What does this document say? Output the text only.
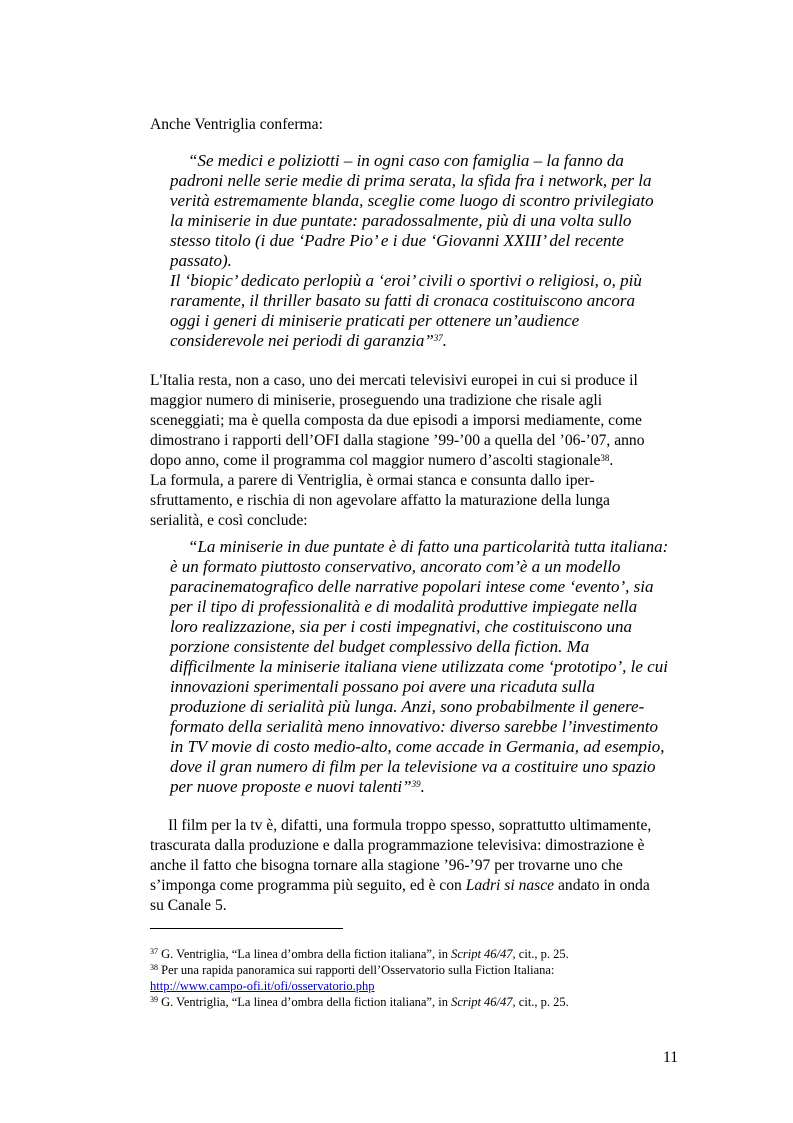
Anche Ventriglia conferma:
“Se medici e poliziotti – in ogni caso con famiglia – la fanno da
padroni nelle serie medie di prima serata, la sfida fra i network, per la
verità estremamente blanda, sceglie come luogo di scontro privilegiato
la miniserie in due puntate: paradossalmente, più di una volta sullo
stesso titolo (i due ‘Padre Pio’ e i due ‘Giovanni XXIII’ del recente
passato).
Il ‘biopic’ dedicato perlopiù a ‘eroi’ civili o sportivi o religiosi, o, più
raramente, il thriller basato su fatti di cronaca costituiscono ancora
oggi i generi di miniserie praticati per ottenere un’audience
considerevole nei periodi di garanzia”$^{37}$.
L'Italia resta, non a caso, uno dei mercati televisivi europei in cui si produce il
maggior numero di miniserie, proseguendo una tradizione che risale agli
sceneggiati; ma è quella composta da due episodi a imporsi mediamente, come
dimostrano i rapporti dell’OFI dalla stagione ’99-’00 a quella del ’06-’07, anno
dopo anno, come il programma col maggior numero d’ascolti stagionale$^{38}$.
La formula, a parere di Ventriglia, è ormai stanca e consunta dallo iper-
sfruttamento, e rischia di non agevolare affatto la maturazione della lunga
serialità, e così conclude:
“La miniserie in due puntate è di fatto una particolarità tutta italiana:
è un formato piuttosto conservativo, ancorato com’è a un modello
paracinematografico delle narrative popolari intese come ‘evento’, sia
per il tipo di professionalità e di modalità produttive impiegate nella
loro realizzazione, sia per i costi impegnativi, che costituiscono una
porzione consistente del budget complessivo della fiction. Ma
difficilmente la miniserie italiana viene utilizzata come ‘prototipo’, le cui
innovazioni sperimentali possano poi avere una ricaduta sulla
produzione di serialità più lunga. Anzi, sono probabilmente il genere-
formato della serialità meno innovativo: diverso sarebbe l’investimento
in TV movie di costo medio-alto, come accade in Germania, ad esempio,
dove il gran numero di film per la televisione va a costituire uno spazio
per nuove proposte e nuovi talenti”$^{39}$.
Il film per la tv è, difatti, una formula troppo spesso, soprattutto ultimamente,
trascurata dalla produzione e dalla programmazione televisiva: dimostrazione è
anche il fatto che bisogna tornare alla stagione ’96-’97 per trovarne uno che
s’imponga come programma più seguito, ed è con Ladri si nasce andato in onda
su Canale 5.
$^{37}$ G. Ventriglia, “La linea d’ombra della fiction italiana”, in Script 46/47, cit., p. 25.
$^{38}$ Per una rapida panoramica sui rapporti dell’Osservatorio sulla Fiction Italiana:
http://www.campo-ofi.it/ofi/osservatorio.php
$^{39}$ G. Ventriglia, “La linea d’ombra della fiction italiana”, in Script 46/47, cit., p. 25.
11
